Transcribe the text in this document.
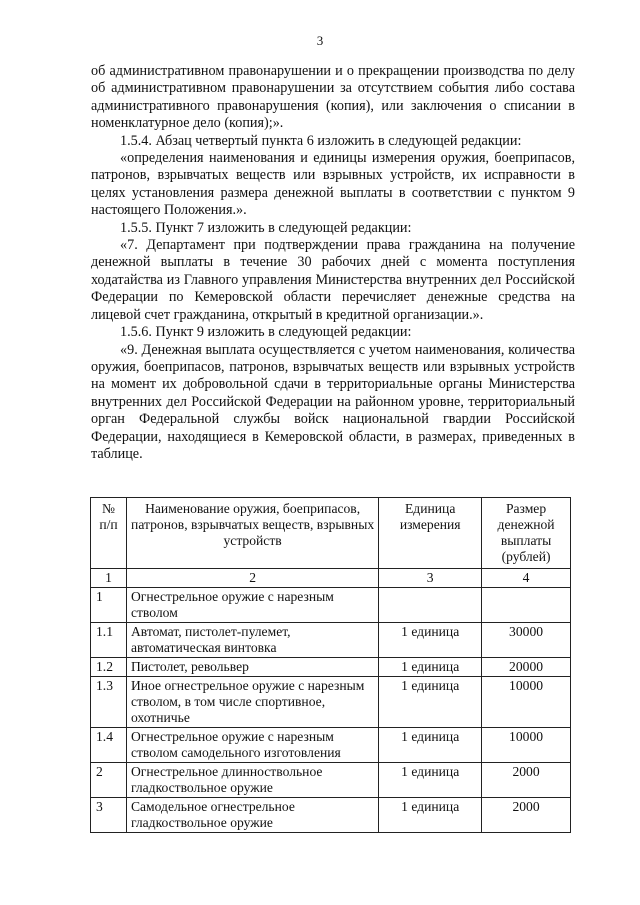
3

об административном правонарушении и о прекращении производства по делу об административном правонарушении за отсутствием события либо состава административного правонарушения (копия), или заключения о списании в номенклатурное дело (копия);».

1.5.4. Абзац четвертый пункта 6 изложить в следующей редакции:

«определения наименования и единицы измерения оружия, боеприпасов, патронов, взрывчатых веществ или взрывных устройств, их исправности в целях установления размера денежной выплаты в соответствии с пунктом 9 настоящего Положения.».

1.5.5. Пункт 7 изложить в следующей редакции:

«7. Департамент при подтверждении права гражданина на получение денежной выплаты в течение 30 рабочих дней с момента поступления ходатайства из Главного управления Министерства внутренних дел Российской Федерации по Кемеровской области перечисляет денежные средства на лицевой счет гражданина, открытый в кредитной организации.».

1.5.6. Пункт 9 изложить в следующей редакции:

«9. Денежная выплата осуществляется с учетом наименования, количества оружия, боеприпасов, патронов, взрывчатых веществ или взрывных устройств на момент их добровольной сдачи в территориальные органы Министерства внутренних дел Российской Федерации на районном уровне, территориальный орган Федеральной службы войск национальной гвардии Российской Федерации, находящиеся в Кемеровской области, в размерах, приведенных в таблице.

№ п/п	Наименование оружия, боеприпасов, патронов, взрывчатых веществ, взрывных устройств	Единица измерения	Размер денежной выплаты (рублей)
1	2	3	4
1	Огнестрельное оружие с нарезным стволом		
1.1	Автомат, пистолет-пулемет, автоматическая винтовка	1 единица	30000
1.2	Пистолет, револьвер	1 единица	20000
1.3	Иное огнестрельное оружие с нарезным стволом, в том числе спортивное, охотничье	1 единица	10000
1.4	Огнестрельное оружие с нарезным стволом самодельного изготовления	1 единица	10000
2	Огнестрельное длинноствольное гладкоствольное оружие	1 единица	2000
3	Самодельное огнестрельное гладкоствольное оружие	1 единица	2000
